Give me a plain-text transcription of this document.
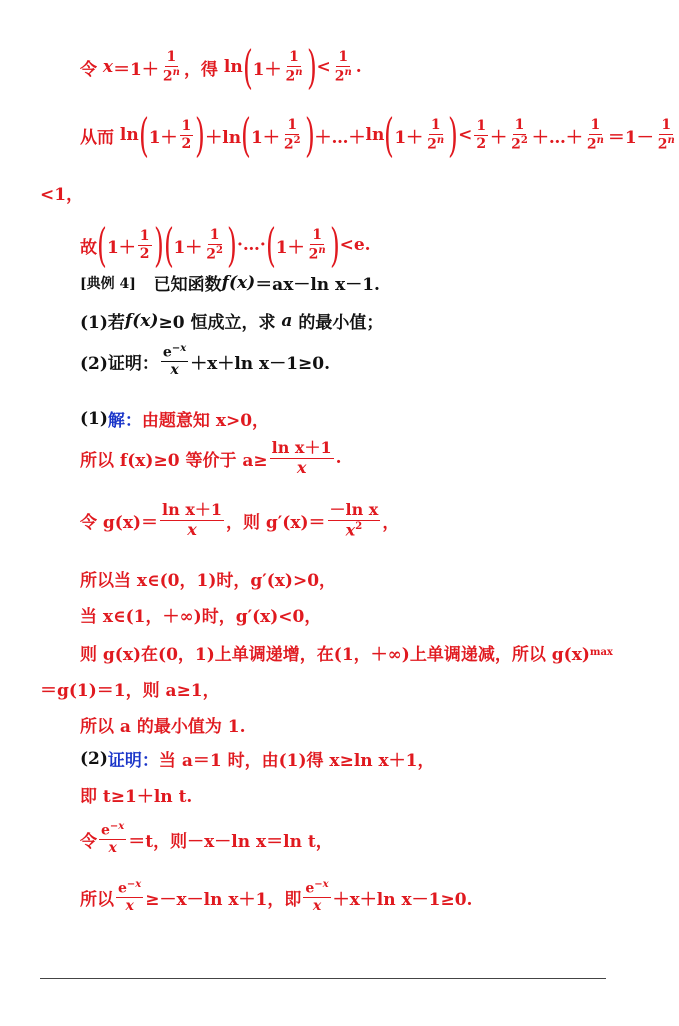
令
$x =1+ \frac{1}{2^n}$ ，得
ln ( $1+ \frac{1}{2^n}$ ) < $\frac{1}{2^n}$ .
从而 ln ( $1+ \frac{1}{2}$ ) ＋ln ( $1+ \frac{1}{2^2}$ ) ＋…＋ ln ( $1+ \frac{1}{2^n}$ ) < $\frac{1}{2} + \frac{1}{2^2}$ ＋…＋ $\frac{1}{2^n} =1- \frac{1}{2^n}$
<1，
故 ( $1+ \frac{1}{2}$ ) ( $1+ \frac{1}{2^2}$ ) ·…· ( $1+ \frac{1}{2^n}$ ) <e.
[典例 4]
已知函数 f(x) ＝ax－ln x－1.
(1)若 f(x) ≥0 恒成立，求
a
的最小值；
(2)证明： $\frac{e^{-x}}{x} +x+\ln$ x－1≥0.
(1) 解： 由题意知 x>0，
所以 f(x)≥0 等价于 $a\ge \frac{\text{ln x＋1}}{x}$ .
令 $g(x)= \frac{\text{ln x＋1}}{x}$ ，则 $g'(x)= \frac{\text{－ln x}}{x^2}$ ，
所以当 x∈(0，1)时，g′(x)>0，
当 x∈(1，＋∞)时，g′(x)<0，
则 g(x)在(0，1)上单调递增，在(1，＋∞)上单调递减，所以 g(x) max
＝g(1)＝1，则 a≥1，
所以 a 的最小值为 1.
(2) 证明： 当 a＝1 时，由(1)得 x≥ln x＋1，
即 t≥1＋ln t.
令 $\frac{e^{-x}}{x} =t$，则－x－ln x＝ln t，
所以 $\frac{e^{-x}}{x} \ge-x-\ln$ x＋1，即 $\frac{e^{-x}}{x} +x+\ln$ x－1≥0.
